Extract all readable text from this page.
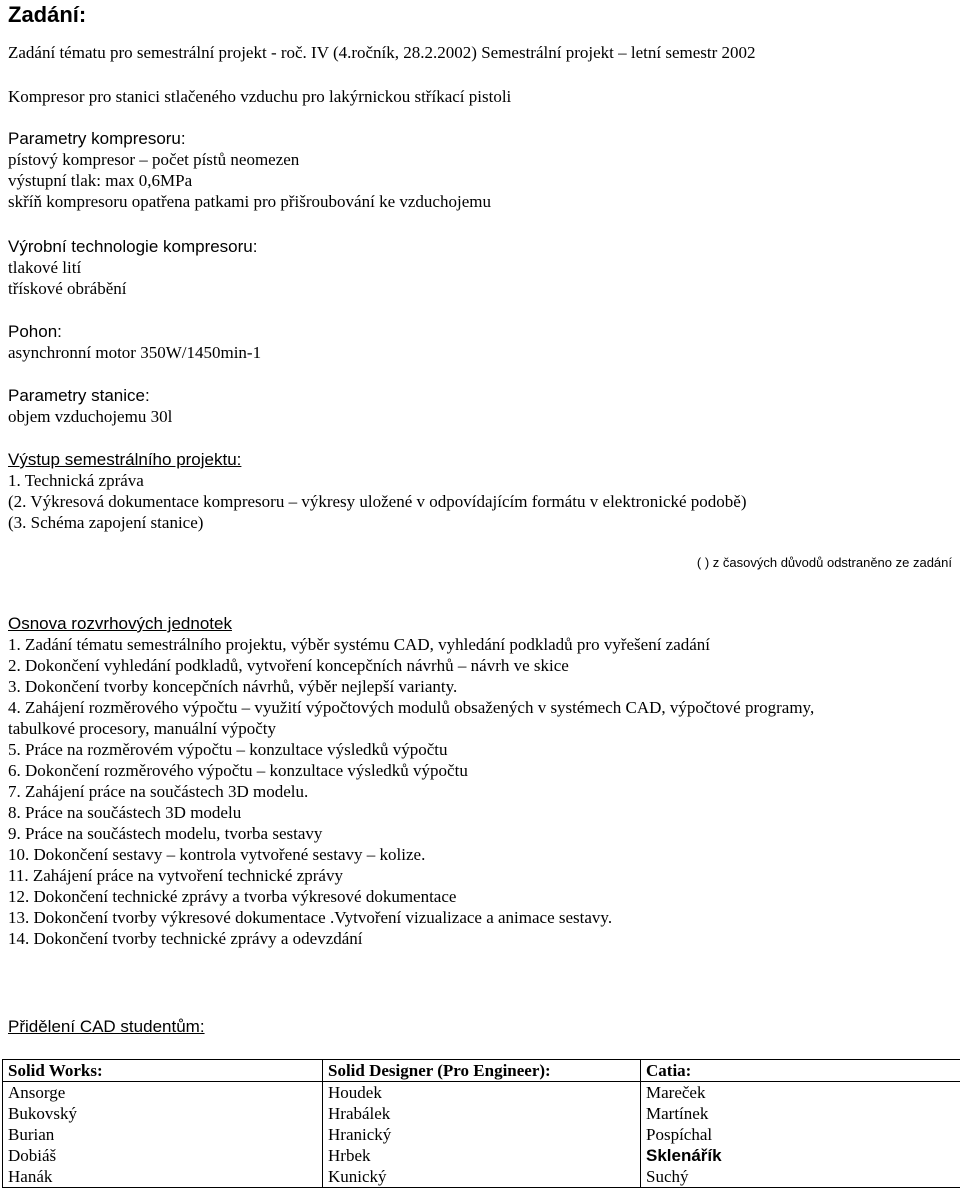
Zadání:
Zadání tématu pro semestrální projekt - roč. IV (4.ročník, 28.2.2002) Semestrální projekt – letní semestr 2002
Kompresor pro stanici stlačeného vzduchu pro lakýrnickou stříkací pistoli
Parametry kompresoru:
pístový kompresor – počet pístů neomezen
výstupní tlak: max 0,6MPa
skříň kompresoru opatřena patkami pro přišroubování ke vzduchojemu
Výrobní technologie kompresoru:
tlakové lití
třískové obrábění
Pohon:
asynchronní motor 350W/1450min-1
Parametry stanice:
objem vzduchojemu 30l
Výstup semestrálního projektu:
1. Technická zpráva
(2. Výkresová dokumentace kompresoru – výkresy uložené v odpovídajícím formátu v elektronické podobě)
(3. Schéma zapojení stanice)
( ) z časových důvodů odstraněno ze zadání
Osnova rozvrhových jednotek
1. Zadání tématu semestrálního projektu, výběr systému CAD, vyhledání podkladů pro vyřešení zadání
2. Dokončení vyhledání podkladů, vytvoření koncepčních návrhů – návrh ve skice
3. Dokončení tvorby koncepčních návrhů, výběr nejlepší varianty.
4. Zahájení rozměrového výpočtu – využití výpočtových modulů obsažených v systémech CAD, výpočtové programy,
tabulkové procesory, manuální výpočty
5. Práce na rozměrovém výpočtu – konzultace výsledků výpočtu
6. Dokončení rozměrového výpočtu – konzultace výsledků výpočtu
7. Zahájení práce na součástech 3D modelu.
8. Práce na součástech 3D modelu
9. Práce na součástech modelu, tvorba sestavy
10. Dokončení sestavy – kontrola vytvořené sestavy – kolize.
11. Zahájení práce na vytvoření technické zprávy
12. Dokončení technické zprávy a tvorba výkresové dokumentace
13. Dokončení tvorby výkresové dokumentace .Vytvoření vizualizace a animace sestavy.
14. Dokončení tvorby technické zprávy a odevzdání
Přidělení CAD studentům:
Solid Works:	Solid Designer (Pro Engineer):	Catia:
Ansorge	Houdek	Mareček
Bukovský	Hrabálek	Martínek
Burian	Hranický	Pospíchal
Dobiáš	Hrbek	Sklenářík
Hanák	Kunický	Suchý
